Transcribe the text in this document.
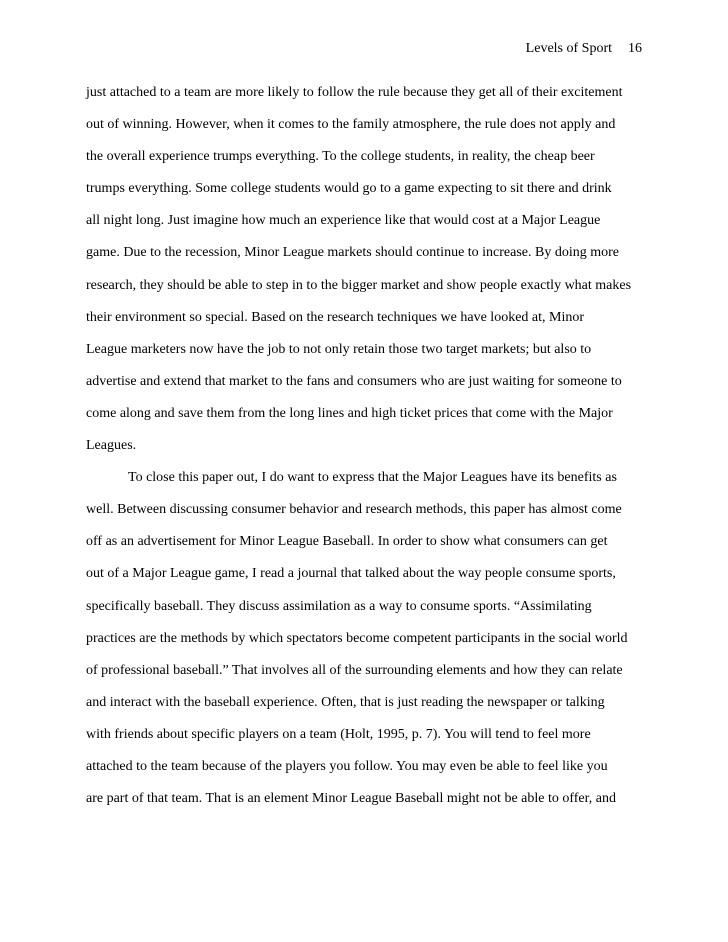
Levels of Sport 16
just attached to a team are more likely to follow the rule because they get all of their excitement
out of winning. However, when it comes to the family atmosphere, the rule does not apply and
the overall experience trumps everything. To the college students, in reality, the cheap beer
trumps everything. Some college students would go to a game expecting to sit there and drink
all night long. Just imagine how much an experience like that would cost at a Major League
game. Due to the recession, Minor League markets should continue to increase. By doing more
research, they should be able to step in to the bigger market and show people exactly what makes
their environment so special. Based on the research techniques we have looked at, Minor
League marketers now have the job to not only retain those two target markets; but also to
advertise and extend that market to the fans and consumers who are just waiting for someone to
come along and save them from the long lines and high ticket prices that come with the Major
Leagues.
To close this paper out, I do want to express that the Major Leagues have its benefits as
well. Between discussing consumer behavior and research methods, this paper has almost come
off as an advertisement for Minor League Baseball. In order to show what consumers can get
out of a Major League game, I read a journal that talked about the way people consume sports,
specifically baseball. They discuss assimilation as a way to consume sports. “Assimilating
practices are the methods by which spectators become competent participants in the social world
of professional baseball.” That involves all of the surrounding elements and how they can relate
and interact with the baseball experience. Often, that is just reading the newspaper or talking
with friends about specific players on a team (Holt, 1995, p. 7). You will tend to feel more
attached to the team because of the players you follow. You may even be able to feel like you
are part of that team. That is an element Minor League Baseball might not be able to offer, and
